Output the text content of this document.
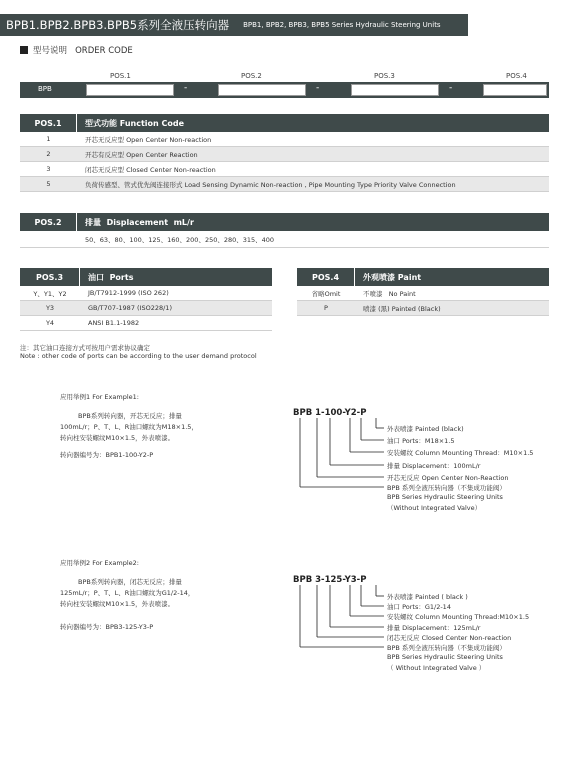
BPB1.BPB2.BPB3.BPB5系列全液压转向器 BPB1, BPB2, BPB3, BPB5 Series Hydraulic Steering Units
型号说明   ORDER CODE
POS.1	POS.2	POS.3	POS.4
BPB	-	-	-
POS.1	型式功能 Function Code
1	开芯无反应型 Open Center Non-reaction
2	开芯有反应型 Open Center Reaction
3	闭芯无反应型 Closed Center Non-reaction
5	负荷传感型、管式优先阀连接形式 Load Sensing Dynamic Non-reaction , Pipe Mounting Type Priority Valve Connection
POS.2	排量  Displacement  mL/r
50、63、80、100、125、160、200、250、280、315、400
POS.3	油口  Ports
Y、Y1、Y2	JB/T7912-1999 (ISO 262)
Y3	GB/T707-1987 (ISO228/1)
Y4	ANSI B1.1-1982
POS.4	外观喷漆 Paint
省略Omit	不喷漆   No Paint
P	喷漆 (黑) Painted (Black)
注：其它油口连接方式可按用户需求协议确定
Note : other code of ports can be according to the user demand protocol
应用举例1 For Example1:
BPB系列转向器，开芯无反应；排量
100mL/r；P、T、L、R油口螺纹为M18×1.5，
转向柱安装螺纹M10×1.5，外表喷漆。
转向器编号为：BPB1-100-Y2-P
BPB 1-100-Y2-P
外表喷漆 Painted (black)
油口 Ports：M18×1.5
安装螺纹 Column Mounting Thread：M10×1.5
排量 Displacement：100mL/r
开芯无反应 Open Center Non-Reaction
BPB 系列全液压转向器（不集成功能阀）
BPB Series Hydraulic Steering Units
（Without Integrated Valve）
应用举例2 For Example2:
BPB系列转向器，闭芯无反应；排量
125mL/r；P、T、L、R油口螺纹为G1/2-14，
转向柱安装螺纹M10×1.5，外表喷漆。
转向器编号为：BPB3-125-Y3-P
BPB 3-125-Y3-P
外表喷漆 Painted ( black )
油口 Ports：G1/2-14
安装螺纹 Column Mounting Thread:M10×1.5
排量 Displacement：125mL/r
闭芯无反应 Closed Center Non-reaction
BPB 系列全液压转向器（不集成功能阀）
BPB Series Hydraulic Steering Units
（ Without Integrated Valve ）
